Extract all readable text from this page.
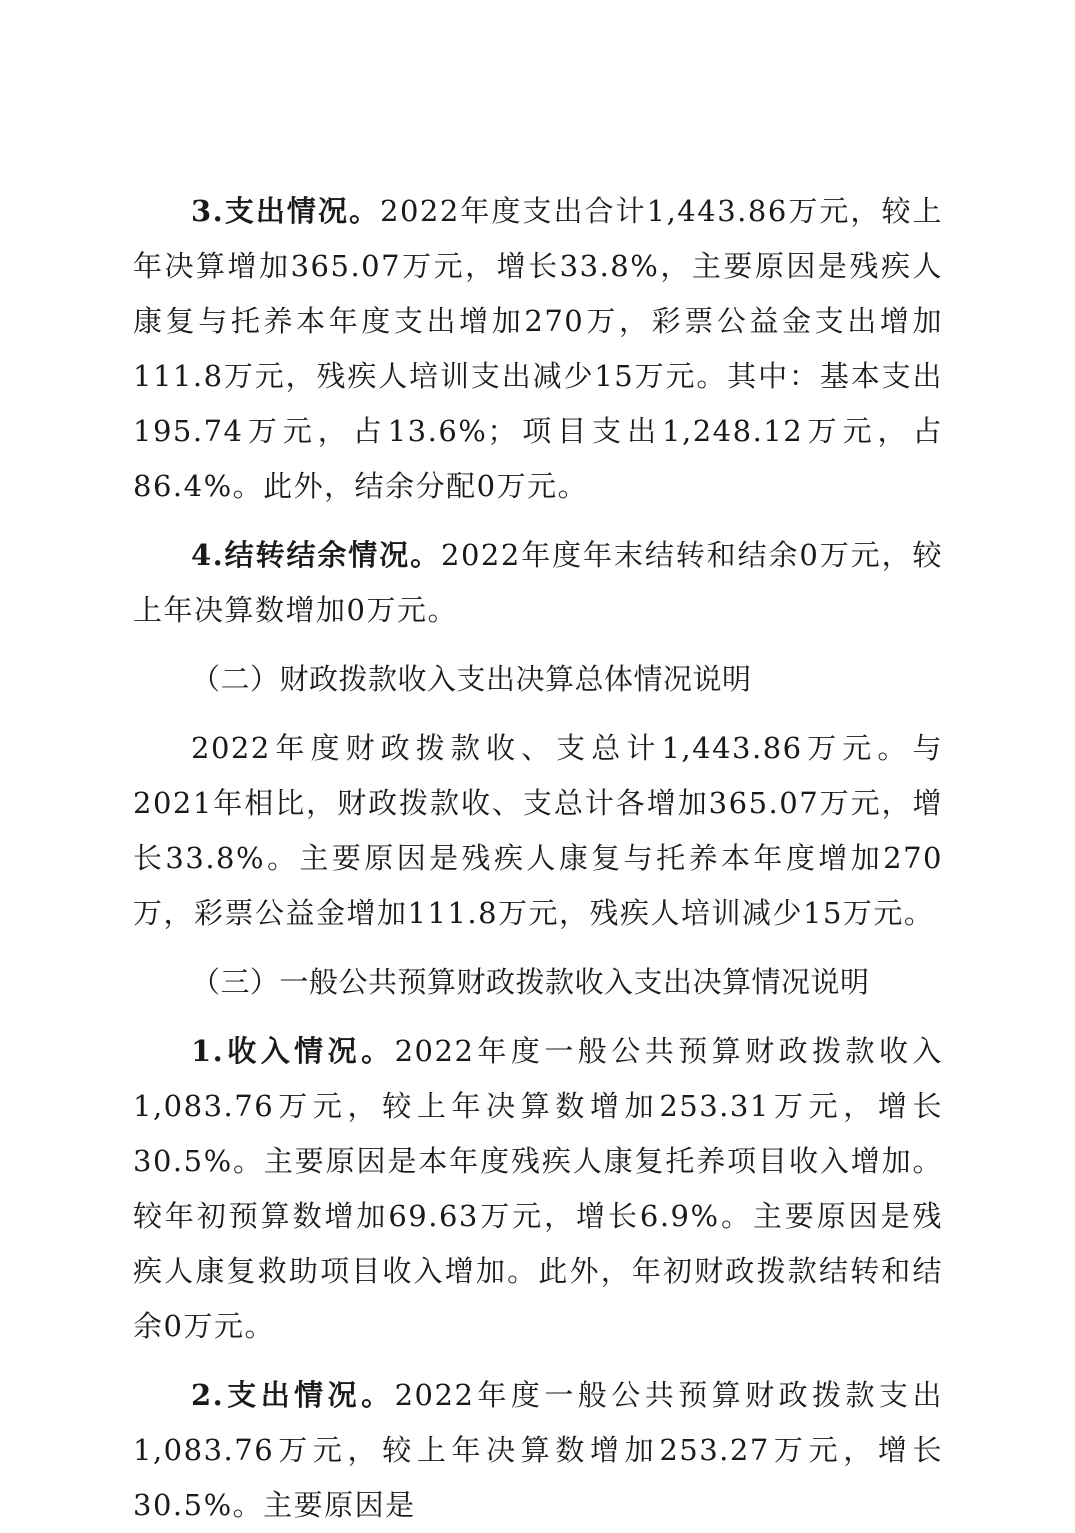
3.支出情况。2022年度支出合计1,443.86万元，较上年决算增加365.07万元，增长33.8%，主要原因是残疾人康复与托养本年度支出增加270万，彩票公益金支出增加111.8万元，残疾人培训支出减少15万元。其中：基本支出195.74万元，占13.6%；项目支出1,248.12万元，占86.4%。此外，结余分配0万元。

4.结转结余情况。2022年度年末结转和结余0万元，较上年决算数增加0万元。

（二）财政拨款收入支出决算总体情况说明

2022年度财政拨款收、支总计1,443.86万元。与2021年相比，财政拨款收、支总计各增加365.07万元，增长33.8%。主要原因是残疾人康复与托养本年度增加270万，彩票公益金增加111.8万元，残疾人培训减少15万元。

（三）一般公共预算财政拨款收入支出决算情况说明

1.收入情况。2022年度一般公共预算财政拨款收入1,083.76万元，较上年决算数增加253.31万元，增长30.5%。主要原因是本年度残疾人康复托养项目收入增加。较年初预算数增加69.63万元，增长6.9%。主要原因是残疾人康复救助项目收入增加。此外，年初财政拨款结转和结余0万元。

2.支出情况。2022年度一般公共预算财政拨款支出1,083.76万元，较上年决算数增加253.27万元，增长30.5%。主要原因是
